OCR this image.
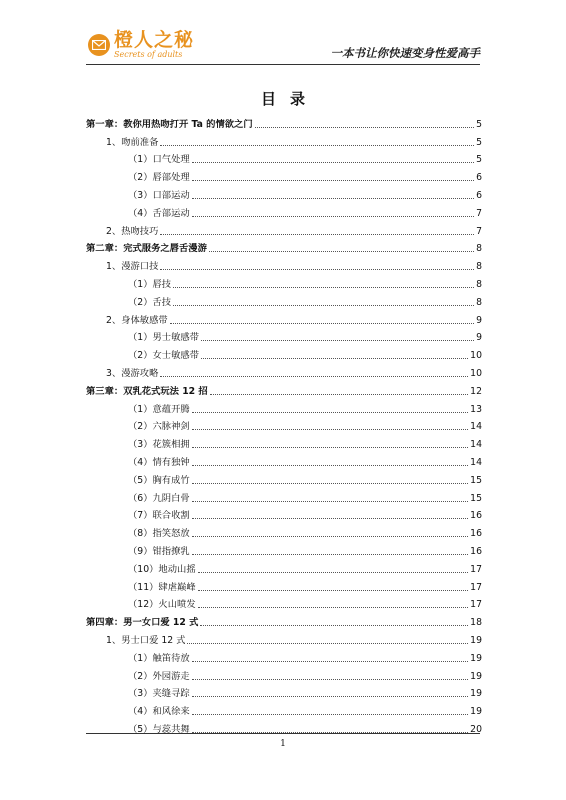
橙人之秘
Secrets of adults	一本书让你快速变身性爱高手
目录
第一章：教你用热吻打开 Ta 的情欲之门	5
1、吻前准备	5
（1）口气处理	5
（2）唇部处理	6
（3）口部运动	6
（4）舌部运动	7
2、热吻技巧	7
第二章：完式服务之唇舌漫游	8
1、漫游口技	8
（1）唇技	8
（2）舌技	8
2、身体敏感带	9
（1）男士敏感带	9
（2）女士敏感带	10
3、漫游攻略	10
第三章：双乳花式玩法 12 招	12
（1）意蕴开腾	13
（2）六脉神剑	14
（3）花簇相拥	14
（4）情有独钟	14
（5）胸有成竹	15
（6）九阴白骨	15
（7）联合收割	16
（8）指笑怒放	16
（9）钳指撩乳	16
（10）地动山摇	17
（11）肆虐巅峰	17
（12）火山喷发	17
第四章：男一女口爱 12 式	18
1、男士口爱 12 式	19
（1）触笛待放	19
（2）外园游走	19
（3）夹缝寻踪	19
（4）和风徐来	19
（5）与蕊共舞	20
1
